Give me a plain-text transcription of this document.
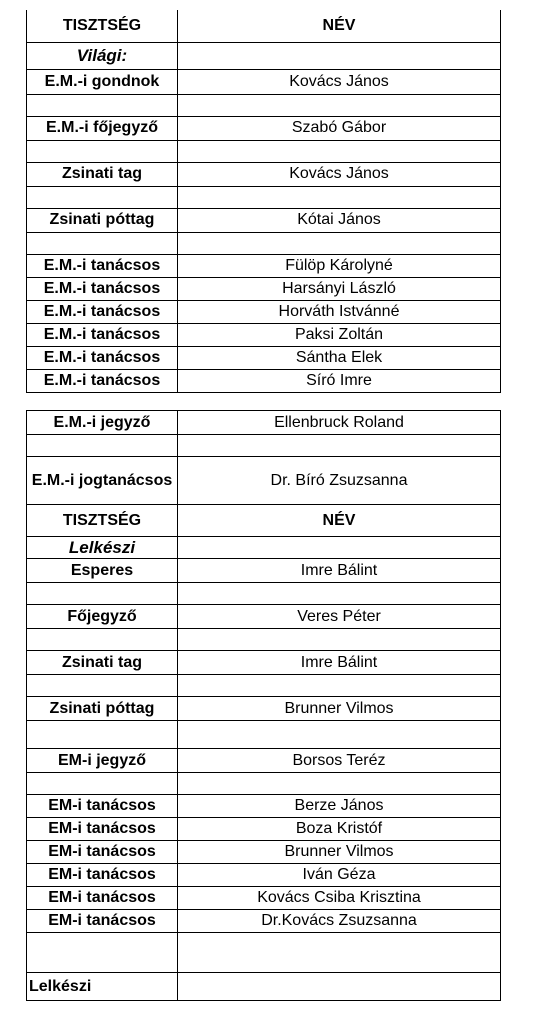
TISZTSÉG	NÉV
Világi:	
E.M.-i gondnok	Kovács János

E.M.-i főjegyző	Szabó Gábor

Zsinati tag	Kovács János

Zsinati póttag	Kótai János

E.M.-i tanácsos	Fülöp Károlyné
E.M.-i tanácsos	Harsányi László
E.M.-i tanácsos	Horváth Istvánné
E.M.-i tanácsos	Paksi Zoltán
E.M.-i tanácsos	Sántha Elek
E.M.-i tanácsos	Síró Imre
E.M.-i jegyző	Ellenbruck Roland

E.M.-i jogtanácsos	Dr. Bíró Zsuzsanna
TISZTSÉG	NÉV
Lelkészi	
Esperes	Imre Bálint

Főjegyző	Veres Péter

Zsinati tag	Imre Bálint

Zsinati póttag	Brunner Vilmos

EM-i jegyző	Borsos Teréz

EM-i tanácsos	Berze János
EM-i tanácsos	Boza Kristóf
EM-i tanácsos	Brunner Vilmos
EM-i tanácsos	Iván Géza
EM-i tanácsos	Kovács Csiba Krisztina
EM-i tanácsos	Dr.Kovács Zsuzsanna

Lelkészi	
